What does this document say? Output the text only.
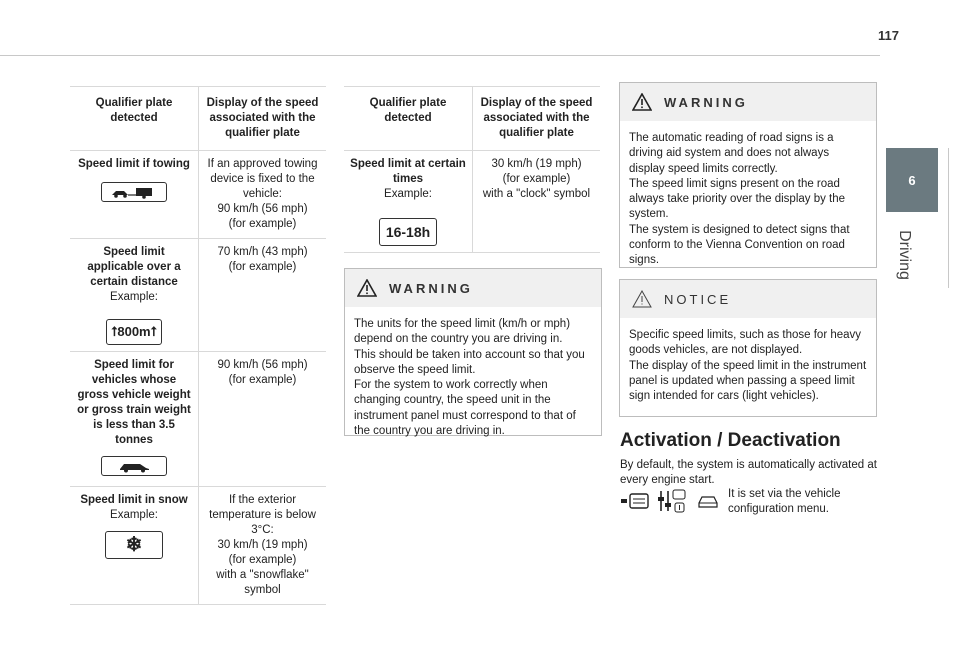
117
6
Driving
Qualifier plate detected	Display of the speed associated with the qualifier plate

Speed limit if towing	If an approved towing device is fixed to the vehicle:
90 km/h (56 mph)
(for example)

Speed limit applicable over a certain distance
Example:
⭡800m⭡	70 km/h (43 mph)
(for example)

Speed limit for vehicles whose gross vehicle weight or gross train weight is less than 3.5 tonnes	90 km/h (56 mph)
(for example)

Speed limit in snow
Example:
❄	If the exterior temperature is below 3°C:
30 km/h (19 mph)
(for example)
with a "snowflake" symbol
Qualifier plate detected	Display of the speed associated with the qualifier plate

Speed limit at certain times
Example:
16-18h	30 km/h (19 mph)
(for example)
with a "clock" symbol
WARNING
The units for the speed limit (km/h or mph) depend on the country you are driving in.
This should be taken into account so that you observe the speed limit.
For the system to work correctly when changing country, the speed unit in the instrument panel must correspond to that of the country you are driving in.
WARNING
The automatic reading of road signs is a driving aid system and does not always display speed limits correctly.
The speed limit signs present on the road always take priority over the display by the system.
The system is designed to detect signs that conform to the Vienna Convention on road signs.
NOTICE
Specific speed limits, such as those for heavy goods vehicles, are not displayed.
The display of the speed limit in the instrument panel is updated when passing a speed limit sign intended for cars (light vehicles).
Activation / Deactivation
By default, the system is automatically activated at every engine start.
It is set via the vehicle configuration menu.
